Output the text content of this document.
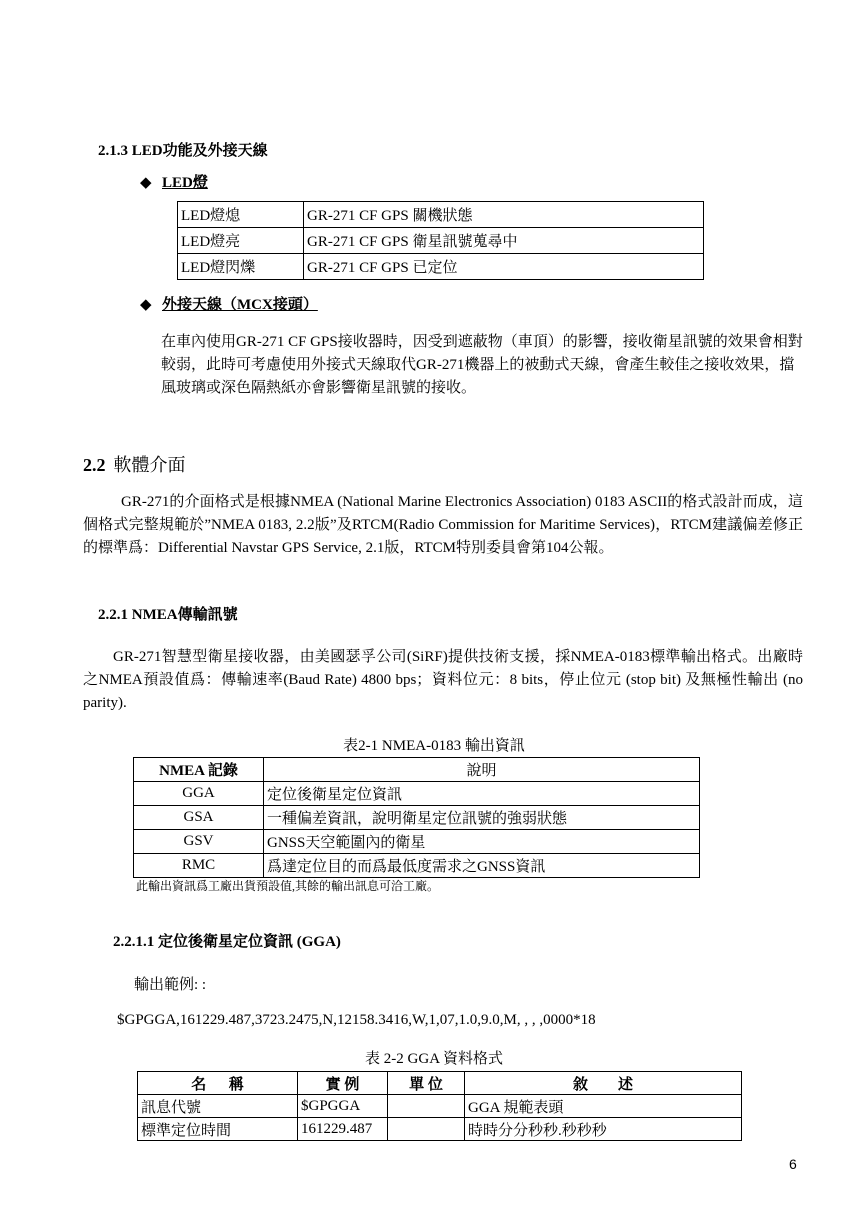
2.1.3 LED功能及外接天線
◆ LED燈
LED燈熄	GR-271 CF GPS 關機狀態
LED燈亮	GR-271 CF GPS 衛星訊號蒐尋中
LED燈閃爍	GR-271 CF GPS 已定位
◆ 外接天線（MCX接頭）
在車內使用GR-271 CF GPS接收器時，因受到遮蔽物（車頂）的影響，接收衛星訊號的效果會相對較弱，此時可考慮使用外接式天線取代GR-271機器上的被動式天線，會產生較佳之接收效果，擋風玻璃或深色隔熱紙亦會影響衛星訊號的接收。
2.2 軟體介面
GR-271的介面格式是根據NMEA (National Marine Electronics Association) 0183 ASCII的格式設計而成，這個格式完整規範於”NMEA 0183, 2.2版”及RTCM(Radio Commission for Maritime Services)，RTCM建議偏差修正的標準爲：Differential Navstar GPS Service, 2.1版，RTCM特別委員會第104公報。
2.2.1 NMEA傳輸訊號
GR-271智慧型衛星接收器，由美國瑟孚公司(SiRF)提供技術支援，採NMEA-0183標準輸出格式。出廠時之NMEA預設值爲：傳輸速率(Baud Rate) 4800 bps；資料位元：8 bits，停止位元 (stop bit) 及無極性輸出 (no parity).
表2-1 NMEA-0183 輸出資訊
NMEA 記錄	說明
GGA	定位後衛星定位資訊
GSA	一種偏差資訊，說明衛星定位訊號的強弱狀態
GSV	GNSS天空範圍內的衛星
RMC	爲達定位目的而爲最低度需求之GNSS資訊
此輸出資訊爲工廠出貨預設值,其餘的輸出訊息可洽工廠。
2.2.1.1 定位後衛星定位資訊 (GGA)
輸出範例: :
$GPGGA,161229.487,3723.2475,N,12158.3416,W,1,07,1.0,9.0,M, , , ,0000*18
表 2-2 GGA 資料格式
名      稱	實 例	單 位	敘        述
訊息代號	$GPGGA		GGA 規範表頭
標準定位時間	161229.487		時時分分秒秒.秒秒秒
6
